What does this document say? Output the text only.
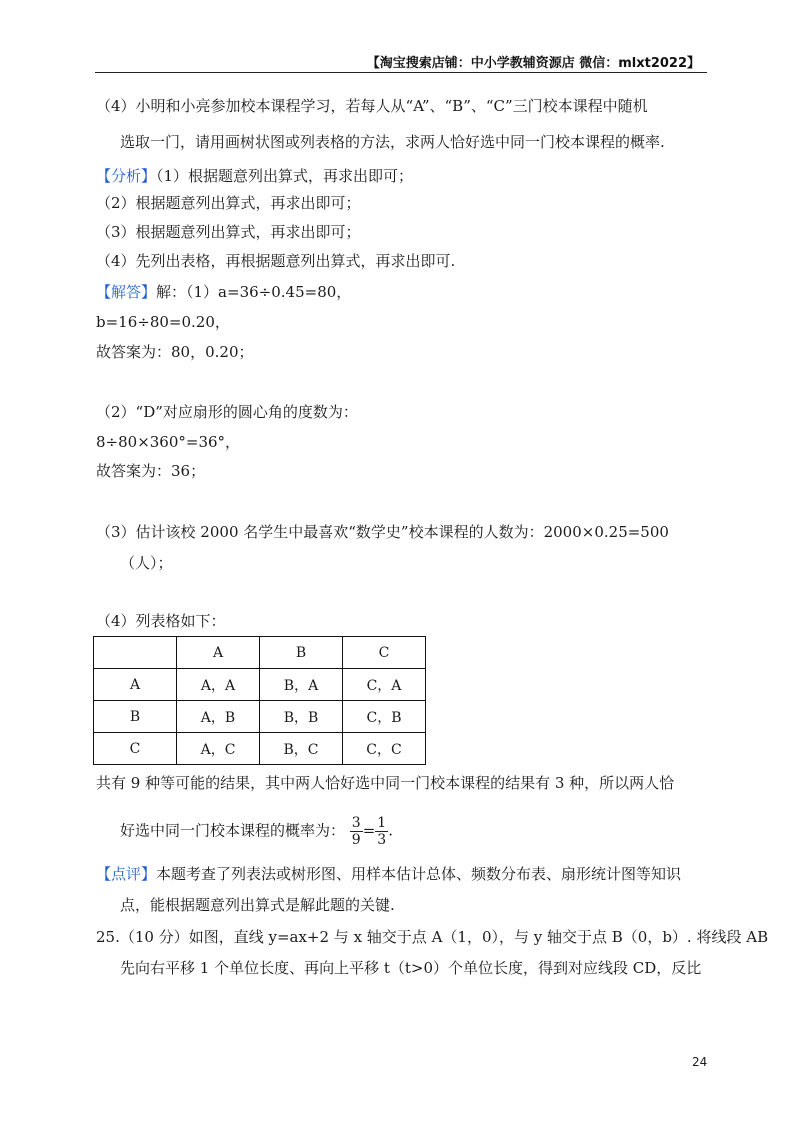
【淘宝搜索店铺：中小学教辅资源店 微信：mlxt2022】
（4）小明和小亮参加校本课程学习，若每人从“A”、“B”、“C”三门校本课程中随机
选取一门，请用画树状图或列表格的方法，求两人恰好选中同一门校本课程的概率.
【分析】（1）根据题意列出算式，再求出即可；
（2）根据题意列出算式，再求出即可；
（3）根据题意列出算式，再求出即可；
（4）先列出表格，再根据题意列出算式，再求出即可.
【解答】解：（1）a=36÷0.45=80，
b=16÷80=0.20，
故答案为：80，0.20；
（2）“D”对应扇形的圆心角的度数为：
8÷80×360°=36°，
故答案为：36；
（3）估计该校 2000 名学生中最喜欢“数学史”校本课程的人数为：2000×0.25=500
（人）；
（4）列表格如下：
	A	B	C
A	A，A	B，A	C，A
B	A，B	B，B	C，B
C	A，C	B，C	C，C
共有 9 种等可能的结果，其中两人恰好选中同一门校本课程的结果有 3 种，所以两人恰
好选中同一门校本课程的概率为： $\frac{3}{9} = \frac{1}{3}$ .
【点评】本题考查了列表法或树形图、用样本估计总体、频数分布表、扇形统计图等知识
点，能根据题意列出算式是解此题的关键.
25.（10 分）如图，直线 y=ax+2 与 x 轴交于点 A（1，0），与 y 轴交于点 B（0，b）. 将线段 AB
先向右平移 1 个单位长度、再向上平移 t（t>0）个单位长度，得到对应线段 CD，反比
24
